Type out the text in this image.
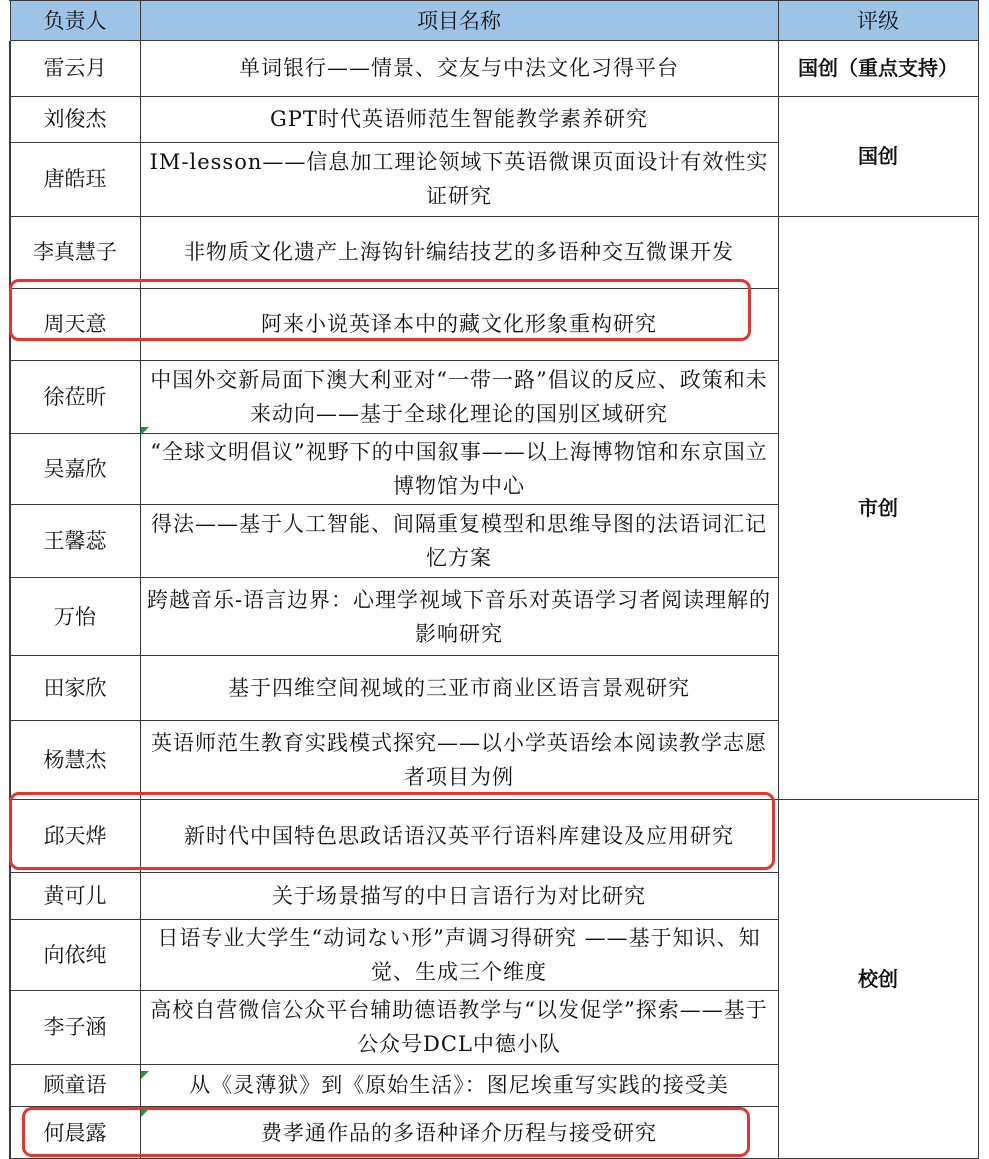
	负责人	项目名称	评级	
	雷云月	单词银行——情景、交友与中法文化习得平台	国创（重点支持）	
	刘俊杰	GPT时代英语师范生智能教学素养研究	国创	
	唐皓珏	IM-lesson——信息加工理论领域下英语微课页面设计有效性实证研究		
	李真慧子	非物质文化遗产上海钩针编结技艺的多语种交互微课开发	市创	
	周天意	阿来小说英译本中的藏文化形象重构研究		
	徐莅昕	中国外交新局面下澳大利亚对“一带一路”倡议的反应、政策和未来动向——基于全球化理论的国别区域研究		
	吴嘉欣	“全球文明倡议”视野下的中国叙事——以上海博物馆和东京国立博物馆为中心		
	王馨蕊	得法——基于人工智能、间隔重复模型和思维导图的法语词汇记忆方案		
	万怡	跨越音乐-语言边界：心理学视域下音乐对英语学习者阅读理解的影响研究		
	田家欣	基于四维空间视域的三亚市商业区语言景观研究		
	杨慧杰	英语师范生教育实践模式探究——以小学英语绘本阅读教学志愿者项目为例		
	邱天烨	新时代中国特色思政话语汉英平行语料库建设及应用研究	校创	
	黄可儿	关于场景描写的中日言语行为对比研究		
	向依纯	日语专业大学生“动词ない形”声调习得研究 ——基于知识、知觉、生成三个维度		
	李子涵	高校自营微信公众平台辅助德语教学与“以发促学”探索——基于公众号DCL中德小队		
	顾童语	从《灵薄狱》到《原始生活》：图尼埃重写实践的接受美		
	何晨露	费孝通作品的多语种译介历程与接受研究		
